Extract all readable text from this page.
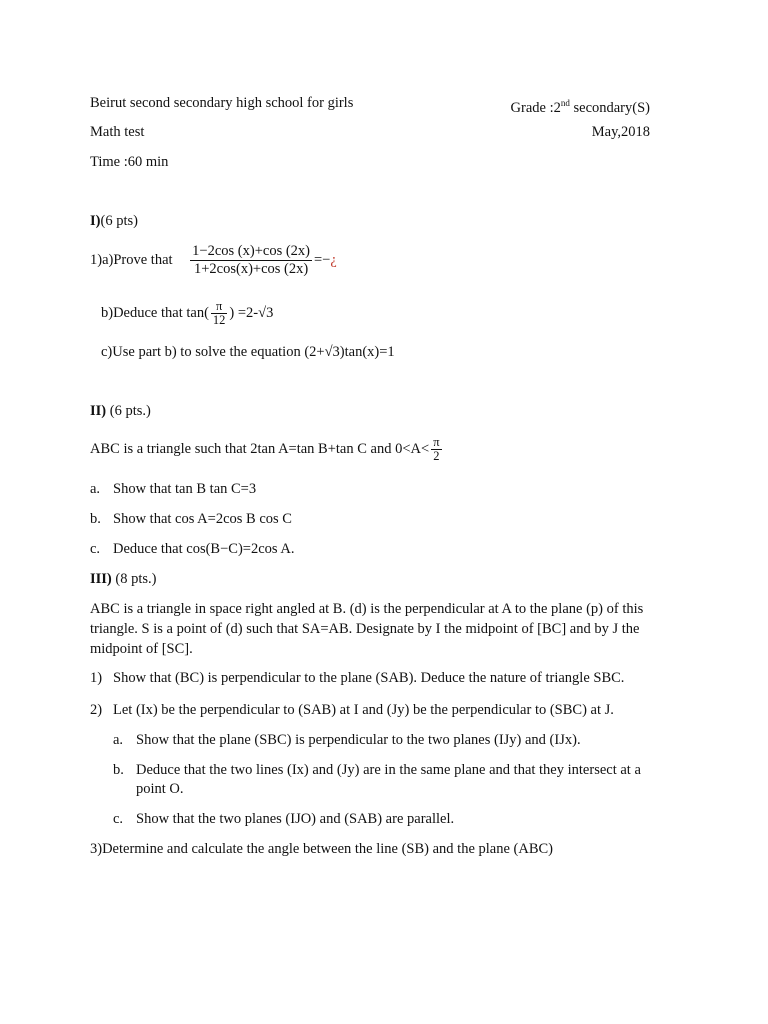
Beirut second secondary high school for girls	Grade :2nd secondary(S)
Math test	May,2018
Time :60 min
I)(6 pts)
1)a)Prove that $\frac{1-2\cos (x)+\cos (2x)}{1+2\cos(x)+\cos (2x)}$ =−¿
b)Deduce that $\tan( \frac{\pi}{12}$ ) =2-√3
c)Use part b) to solve the equation (2+√3)tan(x)=1
II) (6 pts.)
ABC is a triangle such that 2tan A=tan B+tan C and $0<A< \frac{\pi}{2}$
a. Show that tan B tan C=3
b. Show that cos A=2cos B cos C
c. Deduce that cos(B−C)=2cos A.
III) (8 pts.)
ABC is a triangle in space right angled at B. (d) is the perpendicular at A to the plane (p) of this
triangle. S is a point of (d) such that SA=AB. Designate by I the midpoint of [BC] and by J the
midpoint of [SC].
1) Show that (BC) is perpendicular to the plane (SAB). Deduce the nature of triangle SBC.
2) Let (Ix) be the perpendicular to (SAB) at I and (Jy) be the perpendicular to (SBC) at J.
a. Show that the plane (SBC) is perpendicular to the two planes (IJy) and (IJx).
b. Deduce that the two lines (Ix) and (Jy) are in the same plane and that they intersect at a
point O.
c. Show that the two planes (IJO) and (SAB) are parallel.
3)Determine and calculate the angle between the line (SB) and the plane (ABC)
